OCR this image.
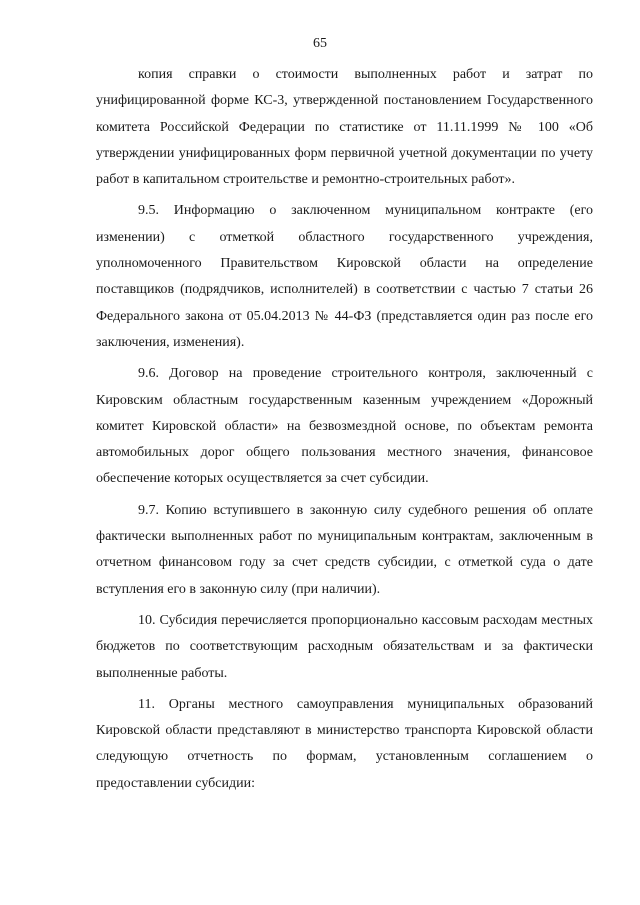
65

копия справки о стоимости выполненных работ и затрат по унифицированной форме КС-3, утвержденной постановлением Государственного комитета Российской Федерации по статистике от 11.11.1999 № 100 «Об утверждении унифицированных форм первичной учетной документации по учету работ в капитальном строительстве и ремонтно-строительных работ».

9.5. Информацию о заключенном муниципальном контракте (его изменении) с отметкой областного государственного учреждения, уполномоченного Правительством Кировской области на определение поставщиков (подрядчиков, исполнителей) в соответствии с частью 7 статьи 26 Федерального закона от 05.04.2013 № 44-ФЗ (представляется один раз после его заключения, изменения).

9.6. Договор на проведение строительного контроля, заключенный с Кировским областным государственным казенным учреждением «Дорожный комитет Кировской области» на безвозмездной основе, по объектам ремонта автомобильных дорог общего пользования местного значения, финансовое обеспечение которых осуществляется за счет субсидии.

9.7. Копию вступившего в законную силу судебного решения об оплате фактически выполненных работ по муниципальным контрактам, заключенным в отчетном финансовом году за счет средств субсидии, с отметкой суда о дате вступления его в законную силу (при наличии).

10. Субсидия перечисляется пропорционально кассовым расходам местных бюджетов по соответствующим расходным обязательствам и за фактически выполненные работы.

11. Органы местного самоуправления муниципальных образований Кировской области представляют в министерство транспорта Кировской области следующую отчетность по формам, установленным соглашением о предоставлении субсидии:
